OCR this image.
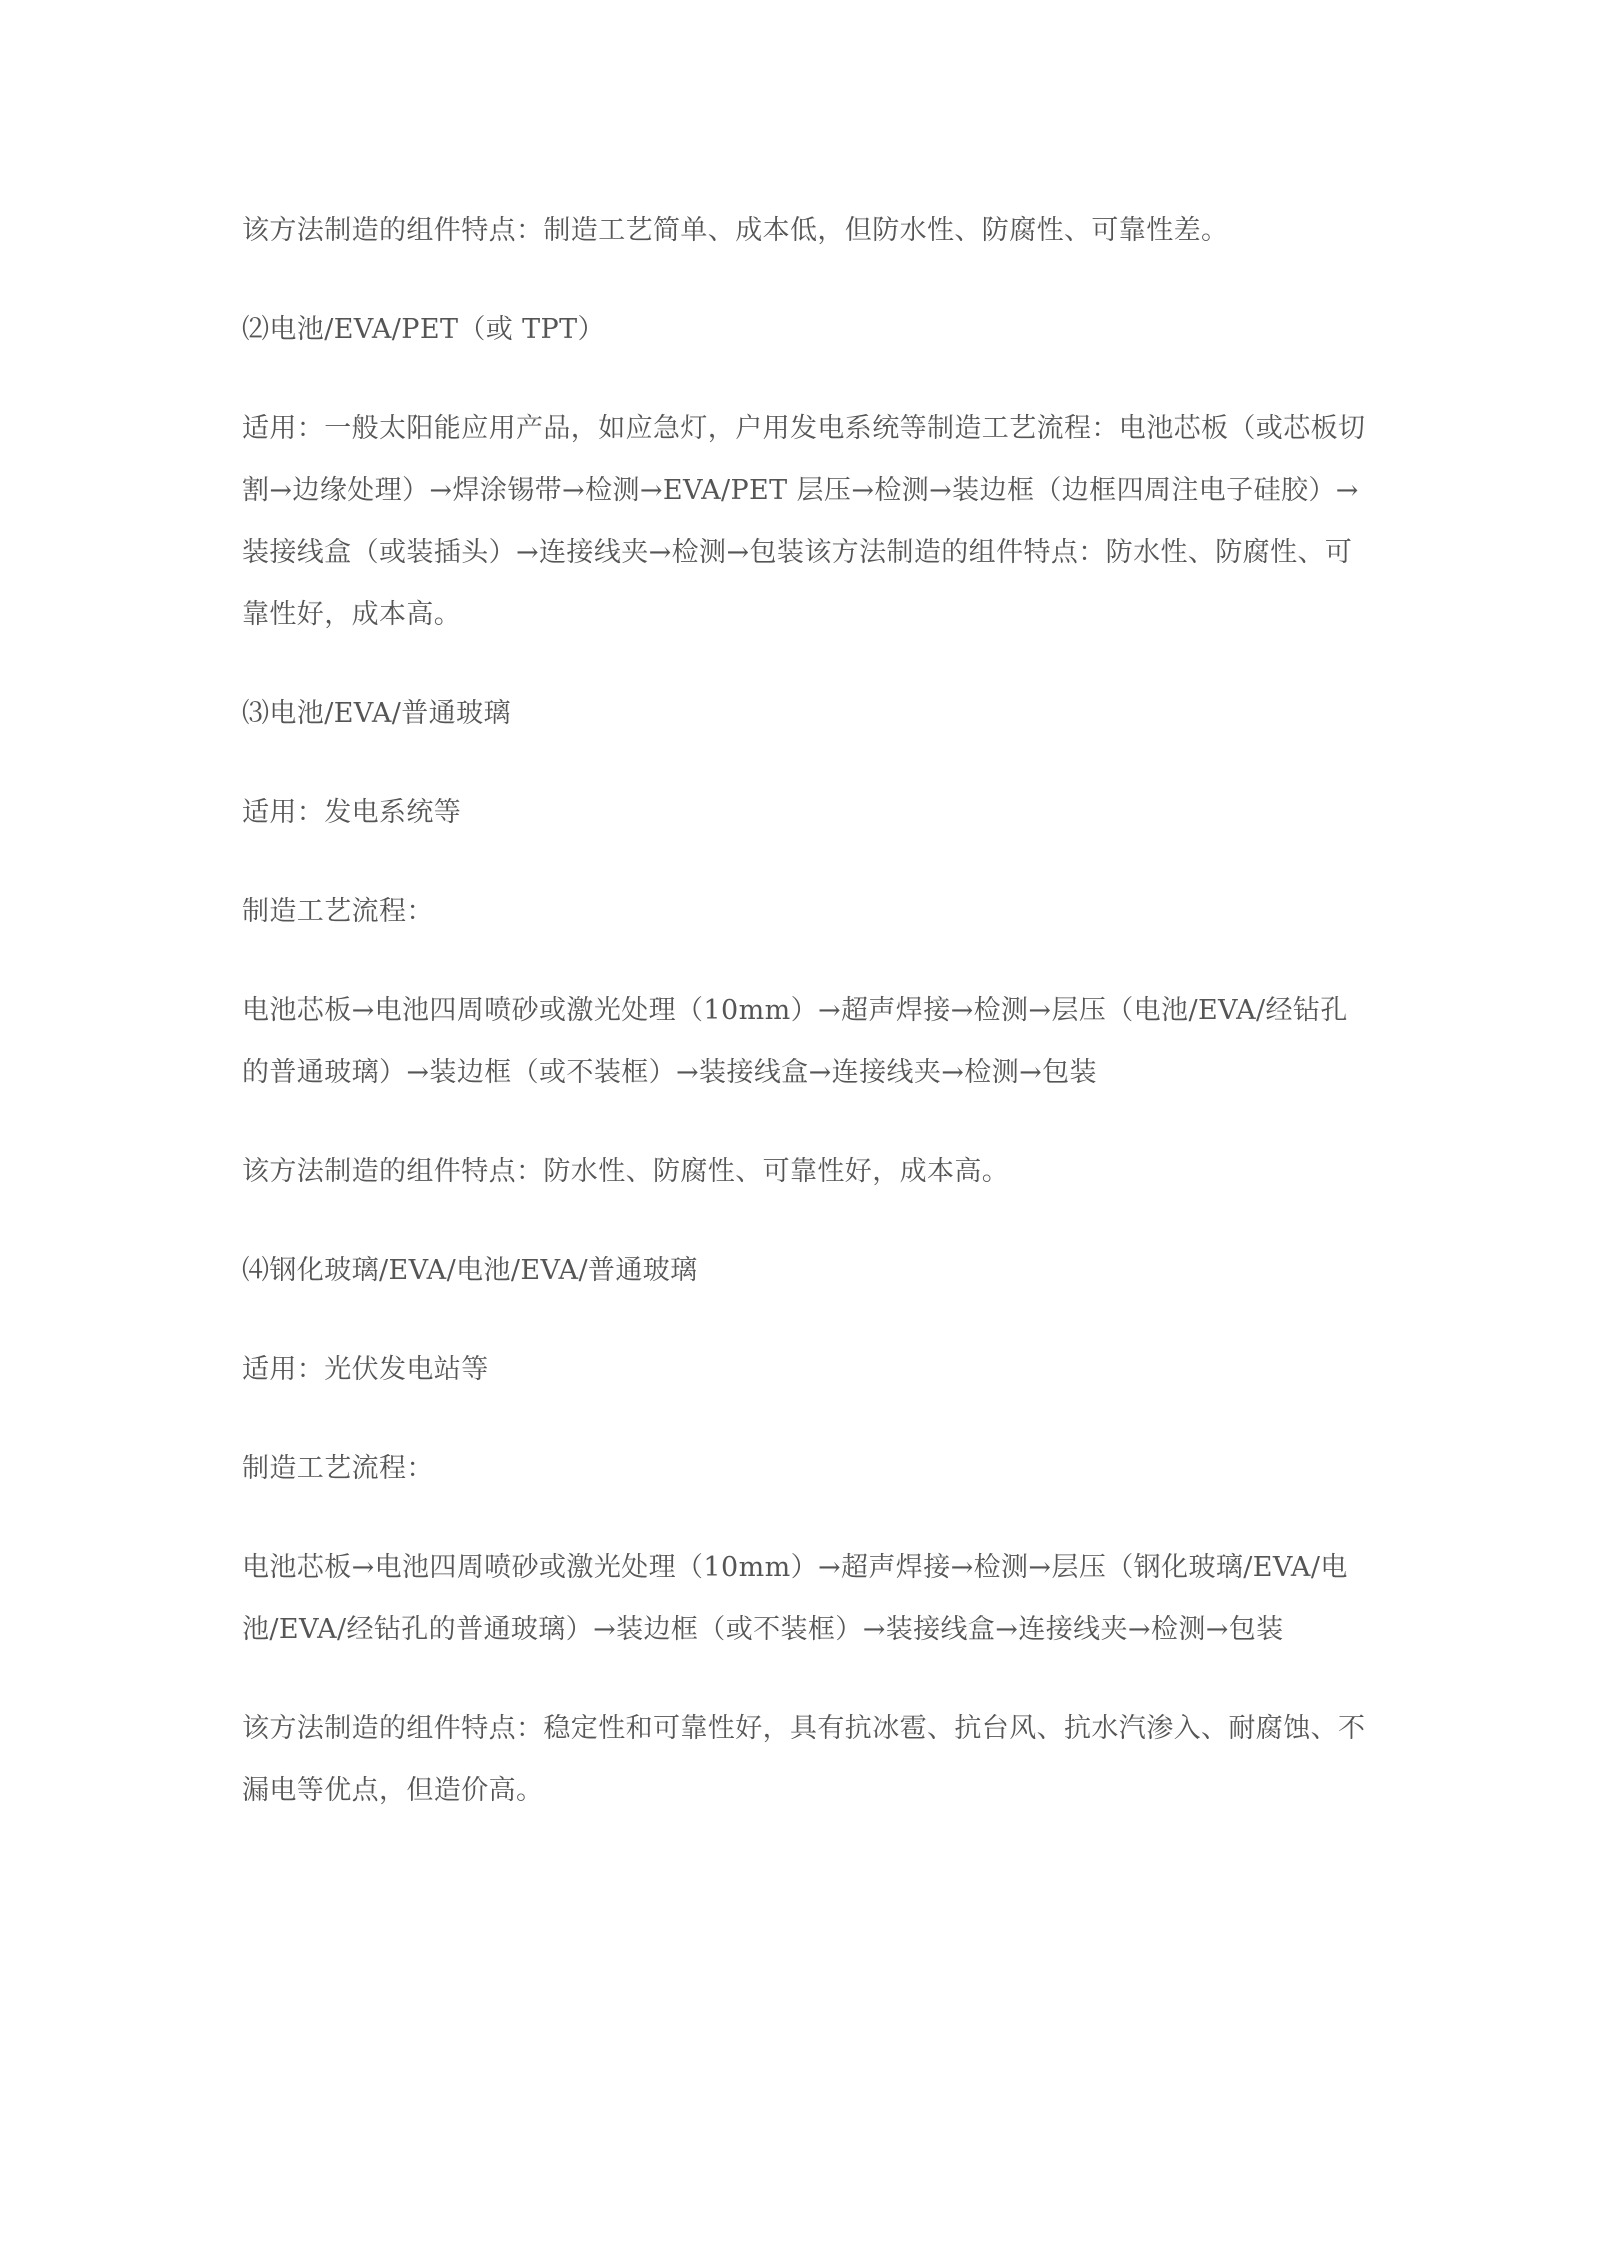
该方法制造的组件特点：制造工艺简单、成本低，但防水性、防腐性、可靠性差。

⑵电池/EVA/PET（或 TPT）

适用：一般太阳能应用产品，如应急灯，户用发电系统等制造工艺流程：电池芯板（或芯板切割→边缘处理）→焊涂锡带→检测→EVA/PET 层压→检测→装边框（边框四周注电子硅胶）→装接线盒（或装插头）→连接线夹→检测→包装该方法制造的组件特点：防水性、防腐性、可靠性好，成本高。

⑶电池/EVA/普通玻璃

适用：发电系统等

制造工艺流程：

电池芯板→电池四周喷砂或激光处理（10mm）→超声焊接→检测→层压（电池/EVA/经钻孔的普通玻璃）→装边框（或不装框）→装接线盒→连接线夹→检测→包装

该方法制造的组件特点：防水性、防腐性、可靠性好，成本高。

⑷钢化玻璃/EVA/电池/EVA/普通玻璃

适用：光伏发电站等

制造工艺流程：

电池芯板→电池四周喷砂或激光处理（10mm）→超声焊接→检测→层压（钢化玻璃/EVA/电池/EVA/经钻孔的普通玻璃）→装边框（或不装框）→装接线盒→连接线夹→检测→包装

该方法制造的组件特点：稳定性和可靠性好，具有抗冰雹、抗台风、抗水汽渗入、耐腐蚀、不漏电等优点，但造价高。
